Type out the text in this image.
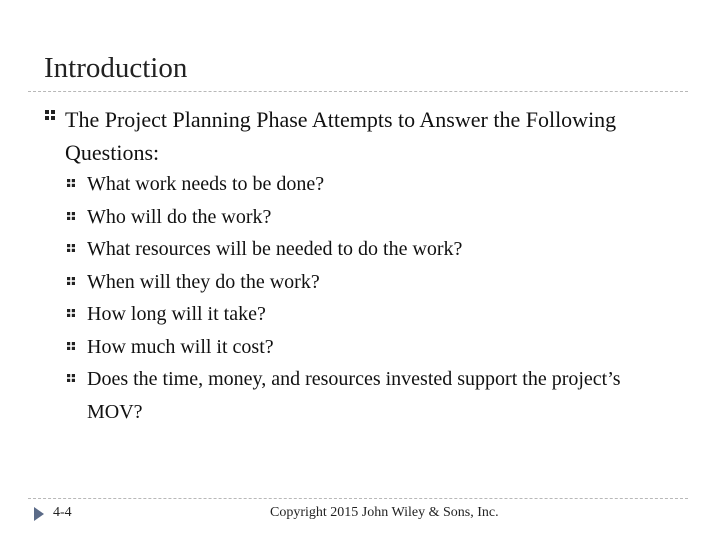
Introduction
The Project Planning Phase Attempts to Answer the Following Questions:
What work needs to be done?
Who will do the work?
What resources will be needed to do the work?
When will they do the work?
How long will it take?
How much will it cost?
Does the time, money, and resources invested support the project’s MOV?
4-4	Copyright 2015 John Wiley & Sons, Inc.
